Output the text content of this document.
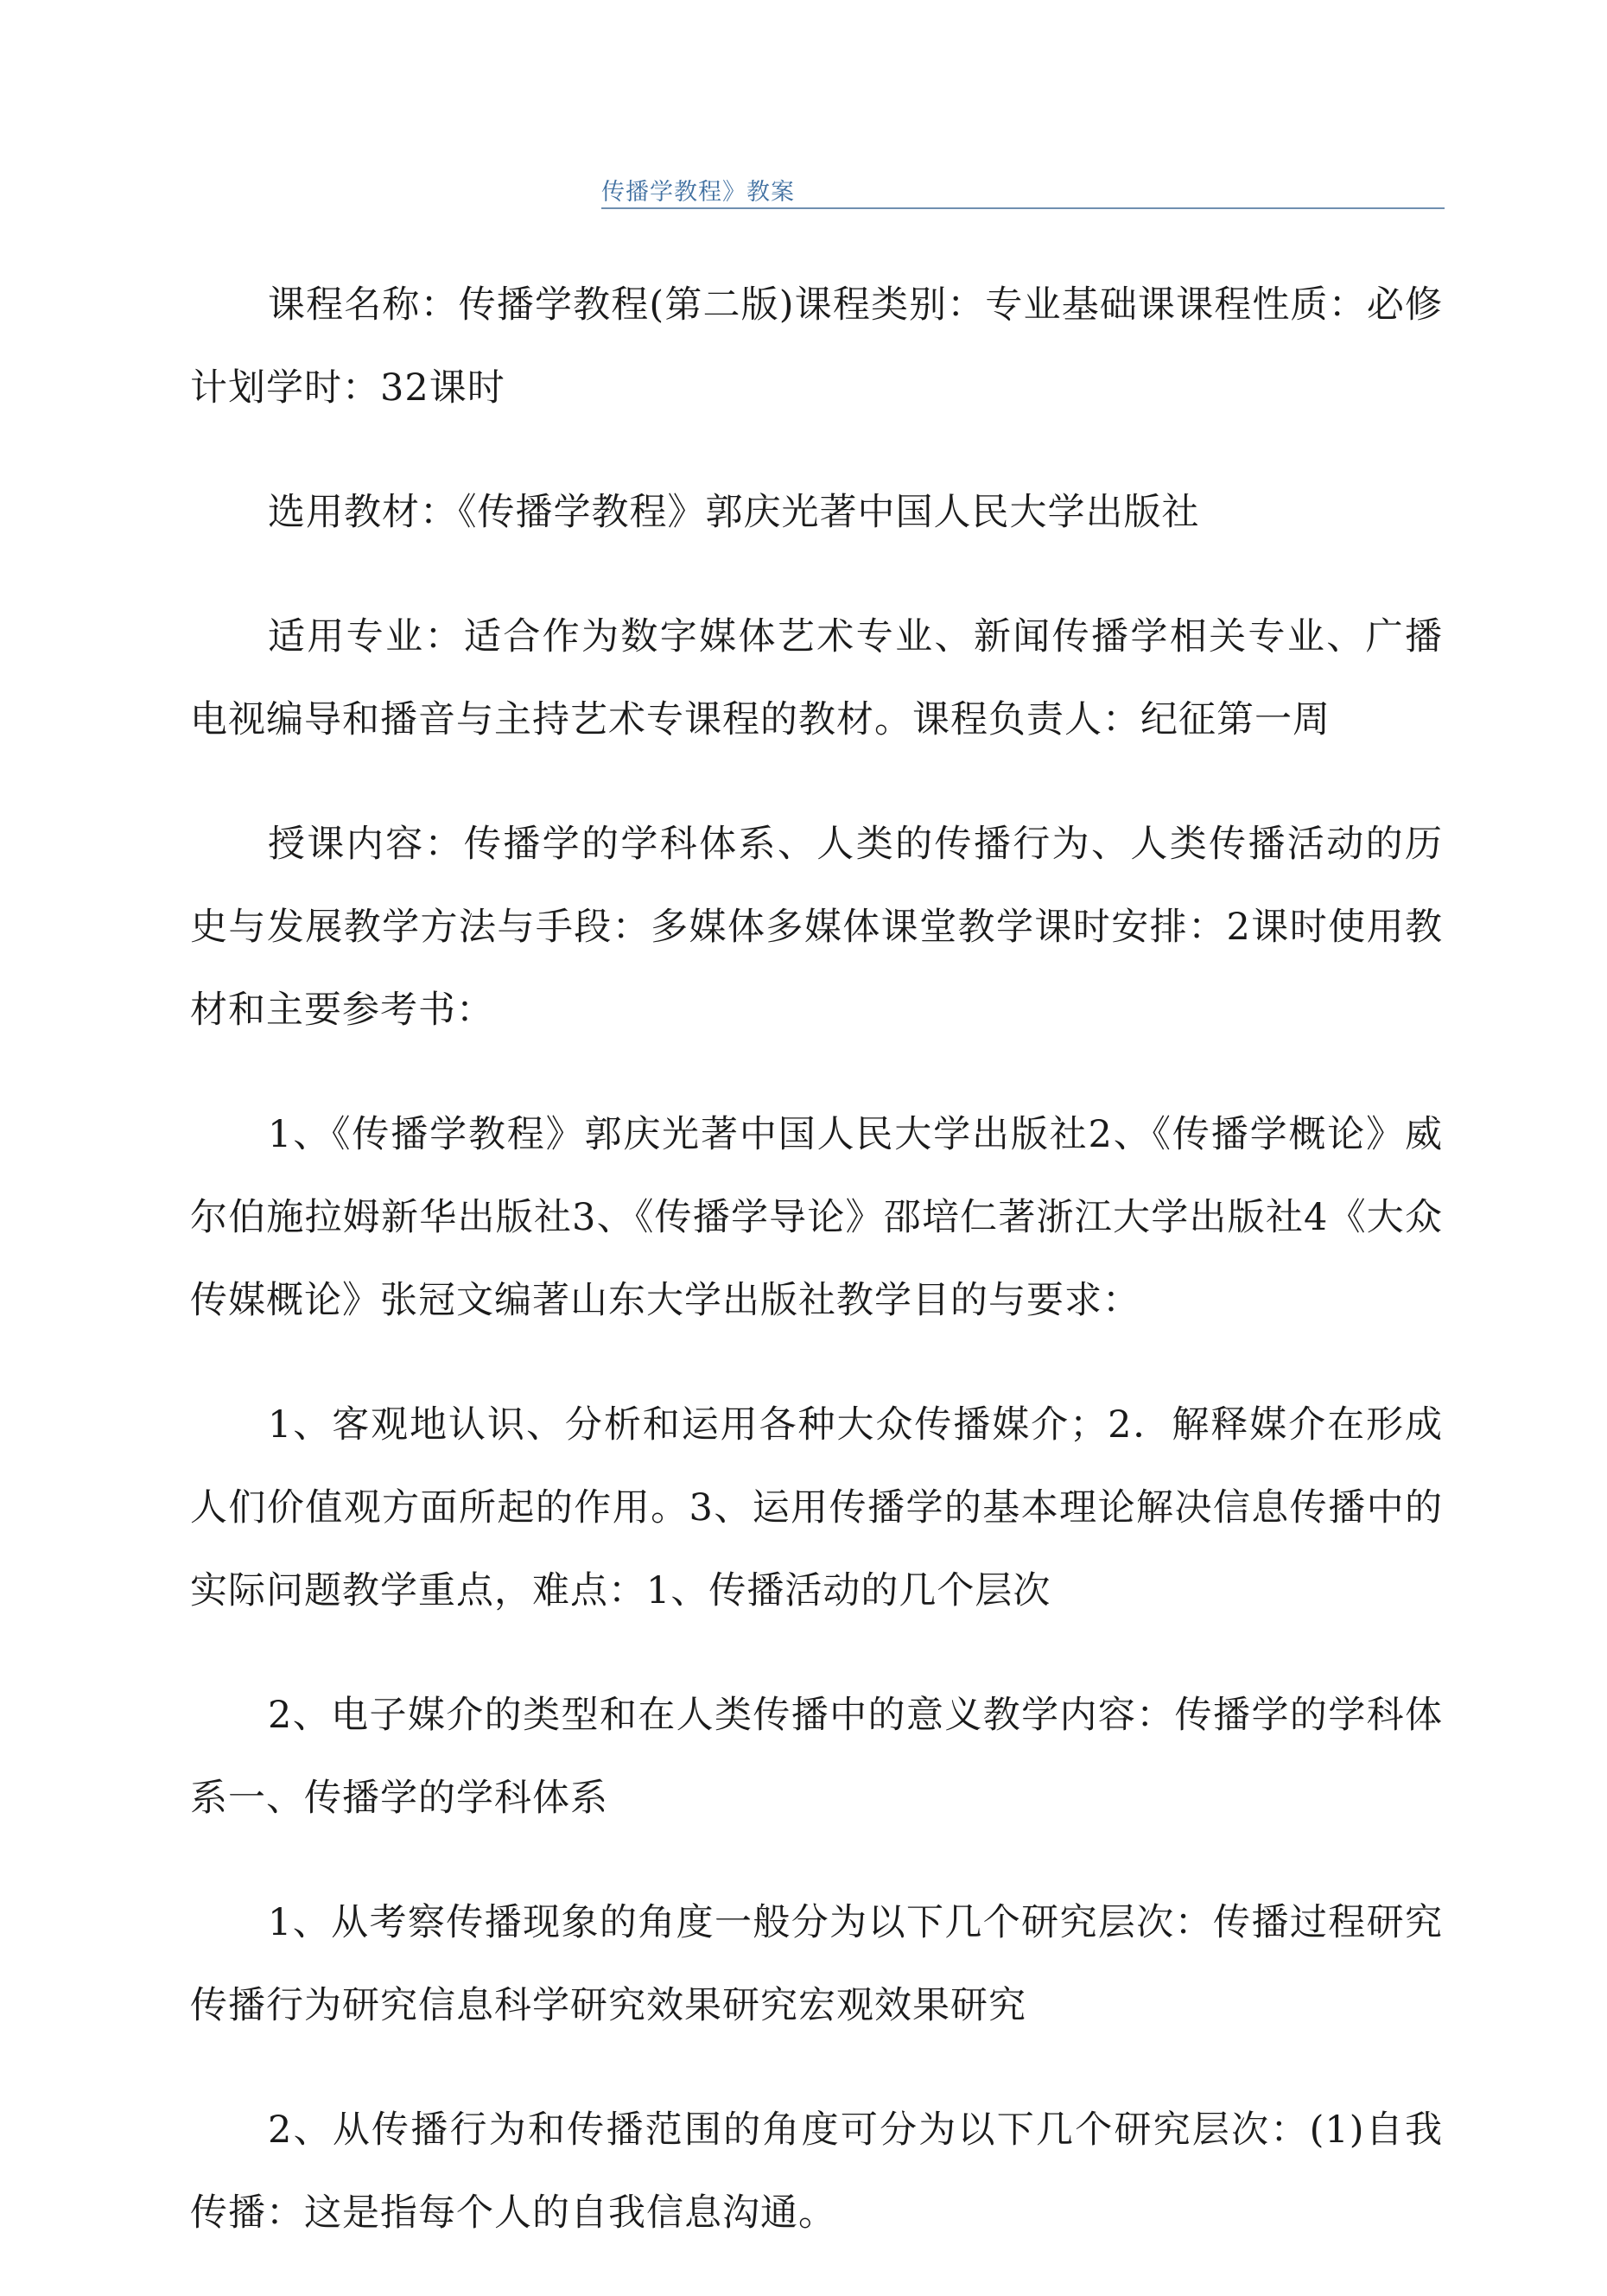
传播学教程》教案

课程名称：传播学教程(第二版)课程类别：专业基础课课程性质：必修计划学时：32课时

选用教材：《传播学教程》郭庆光著中国人民大学出版社

适用专业：适合作为数字媒体艺术专业、新闻传播学相关专业、广播电视编导和播音与主持艺术专课程的教材。课程负责人：纪征第一周

授课内容：传播学的学科体系、人类的传播行为、人类传播活动的历史与发展教学方法与手段：多媒体多媒体课堂教学课时安排：2课时使用教材和主要参考书：

1、《传播学教程》郭庆光著中国人民大学出版社2、《传播学概论》威尔伯施拉姆新华出版社3、《传播学导论》邵培仁著浙江大学出版社4《大众传媒概论》张冠文编著山东大学出版社教学目的与要求：

1、客观地认识、分析和运用各种大众传播媒介；2．解释媒介在形成人们价值观方面所起的作用。3、运用传播学的基本理论解决信息传播中的实际问题教学重点，难点：1、传播活动的几个层次

2、电子媒介的类型和在人类传播中的意义教学内容：传播学的学科体系一、传播学的学科体系

1、从考察传播现象的角度一般分为以下几个研究层次：传播过程研究传播行为研究信息科学研究效果研究宏观效果研究

2、从传播行为和传播范围的角度可分为以下几个研究层次：(1)自我传播：这是指每个人的自我信息沟通。
